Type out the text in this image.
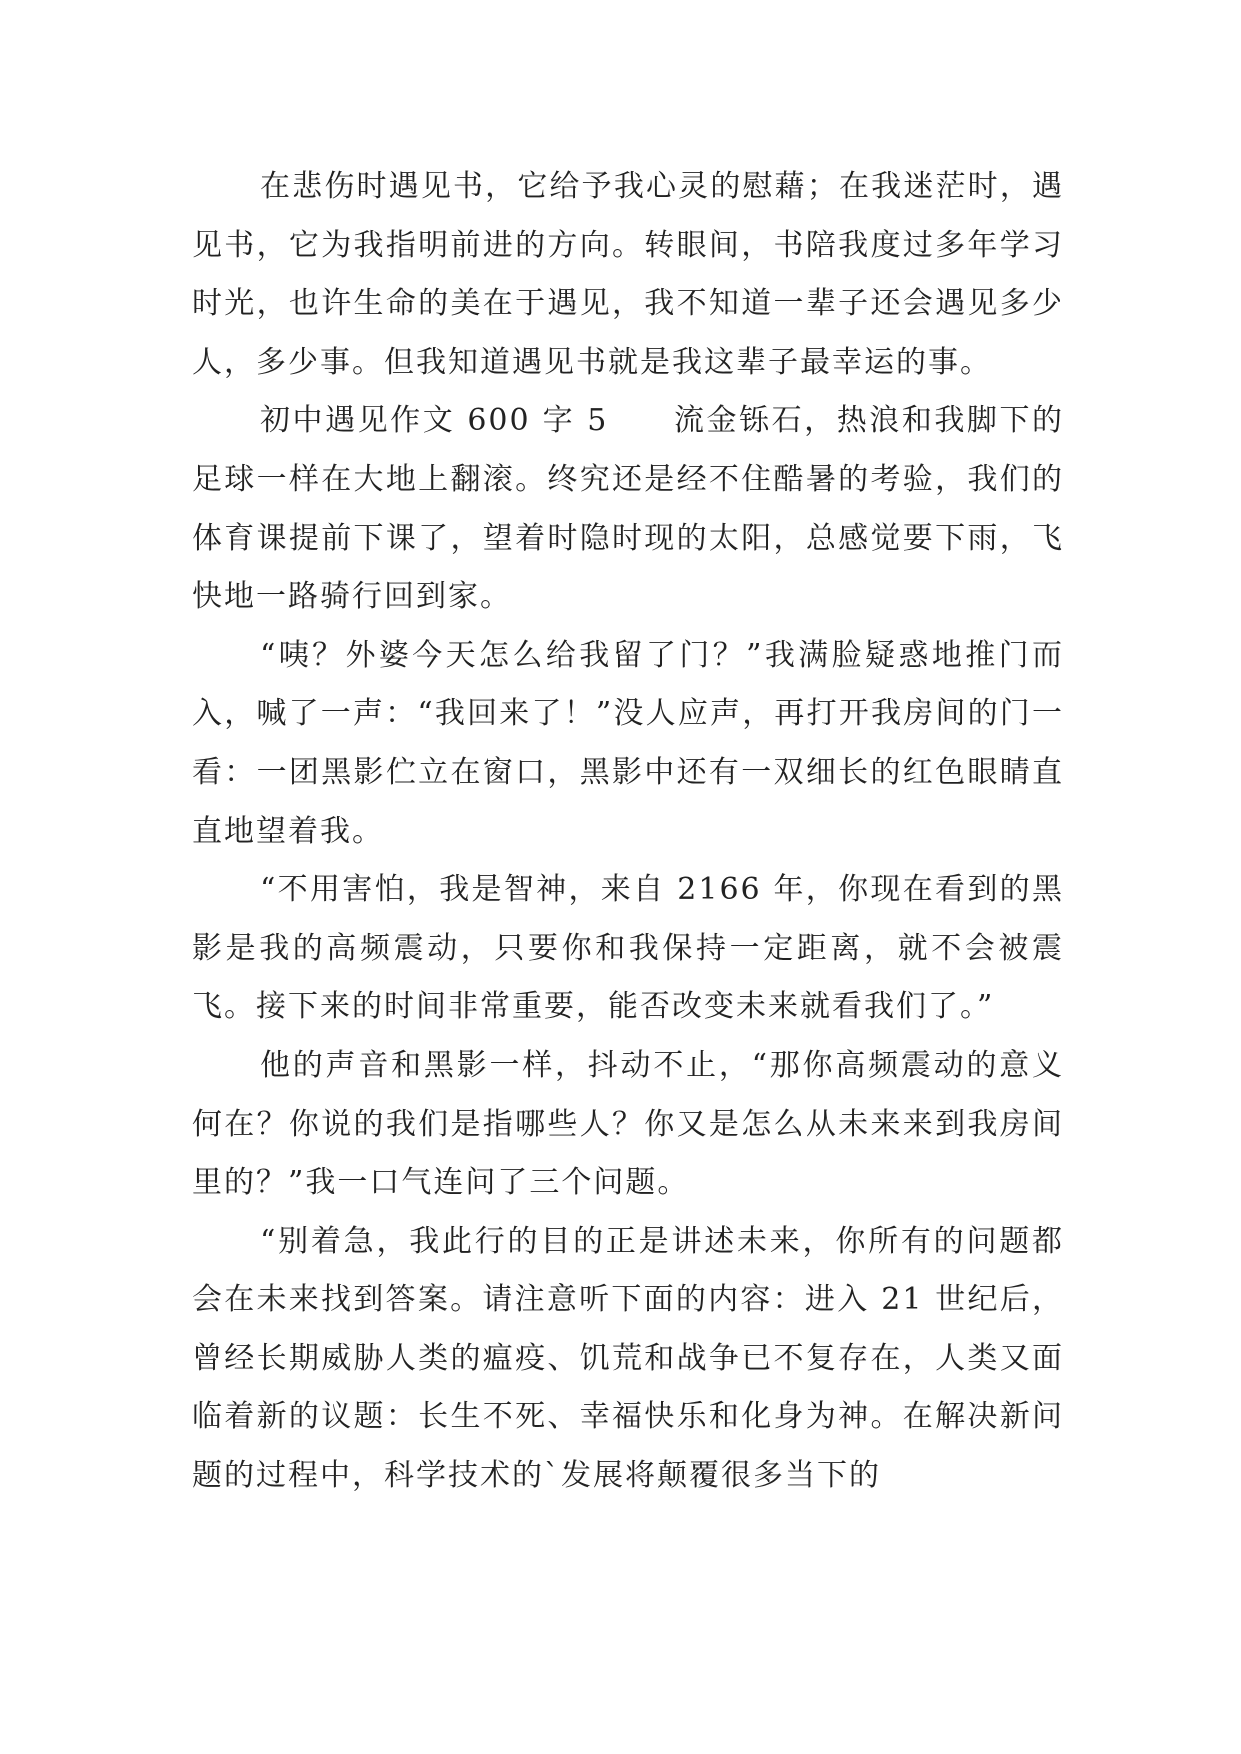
在悲伤时遇见书，它给予我心灵的慰藉；在我迷茫时，遇见书，它为我指明前进的方向。转眼间，书陪我度过多年学习时光，也许生命的美在于遇见，我不知道一辈子还会遇见多少人，多少事。但我知道遇见书就是我这辈子最幸运的事。

初中遇见作文 600 字 5　　流金铄石，热浪和我脚下的足球一样在大地上翻滚。终究还是经不住酷暑的考验，我们的体育课提前下课了，望着时隐时现的太阳，总感觉要下雨，飞快地一路骑行回到家。

“咦？外婆今天怎么给我留了门？”我满脸疑惑地推门而入，喊了一声：“我回来了！”没人应声，再打开我房间的门一看：一团黑影伫立在窗口，黑影中还有一双细长的红色眼睛直直地望着我。

“不用害怕，我是智神，来自 2166 年，你现在看到的黑影是我的高频震动，只要你和我保持一定距离，就不会被震飞。接下来的时间非常重要，能否改变未来就看我们了。”

他的声音和黑影一样，抖动不止，“那你高频震动的意义何在？你说的我们是指哪些人？你又是怎么从未来来到我房间里的？”我一口气连问了三个问题。

“别着急，我此行的目的正是讲述未来，你所有的问题都会在未来找到答案。请注意听下面的内容：进入 21 世纪后，曾经长期威胁人类的瘟疫、饥荒和战争已不复存在，人类又面临着新的议题：长生不死、幸福快乐和化身为神。在解决新问题的过程中，科学技术的`发展将颠覆很多当下的
